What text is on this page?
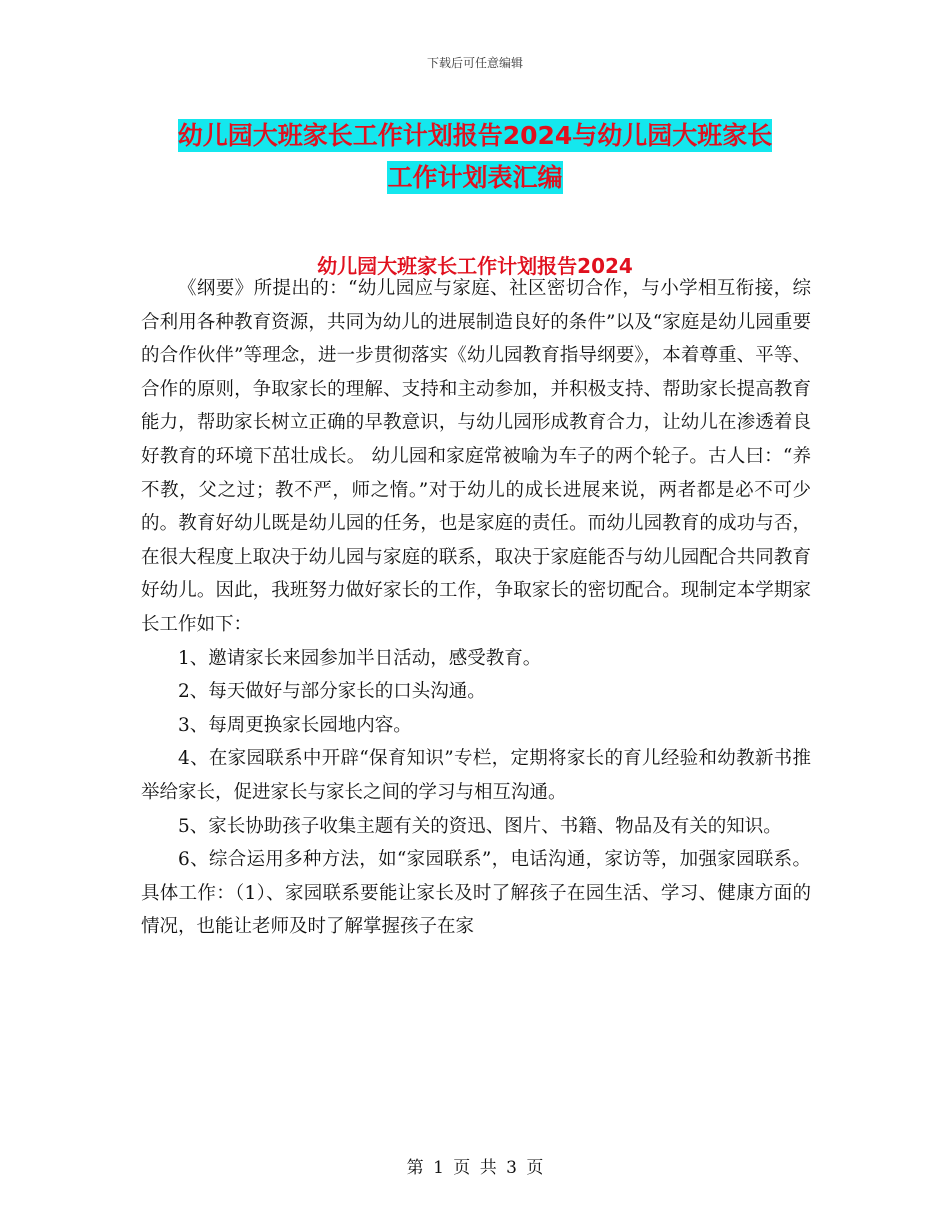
下载后可任意编辑
幼儿园大班家长工作计划报告2024与幼儿园大班家长
工作计划表汇编
幼儿园大班家长工作计划报告2024

《纲要》所提出的：“幼儿园应与家庭、社区密切合作，与小学相互衔接，综合利用各种教育资源，共同为幼儿的进展制造良好的条件”以及“家庭是幼儿园重要的合作伙伴”等理念，进一步贯彻落实《幼儿园教育指导纲要》，本着尊重、平等、合作的原则，争取家长的理解、支持和主动参加，并积极支持、帮助家长提高教育能力，帮助家长树立正确的早教意识，与幼儿园形成教育合力，让幼儿在渗透着良好教育的环境下茁壮成长。 幼儿园和家庭常被喻为车子的两个轮子。古人曰：“养不教，父之过；教不严，师之惰。”对于幼儿的成长进展来说，两者都是必不可少的。教育好幼儿既是幼儿园的任务，也是家庭的责任。而幼儿园教育的成功与否，在很大程度上取决于幼儿园与家庭的联系，取决于家庭能否与幼儿园配合共同教育好幼儿。因此，我班努力做好家长的工作，争取家长的密切配合。现制定本学期家长工作如下：

1、邀请家长来园参加半日活动，感受教育。

2、每天做好与部分家长的口头沟通。

3、每周更换家长园地内容。

4、在家园联系中开辟“保育知识”专栏，定期将家长的育儿经验和幼教新书推举给家长，促进家长与家长之间的学习与相互沟通。

5、家长协助孩子收集主题有关的资迅、图片、书籍、物品及有关的知识。

6、综合运用多种方法，如“家园联系”，电话沟通，家访等，加强家园联系。具体工作：（1）、家园联系要能让家长及时了解孩子在园生活、学习、健康方面的情况，也能让老师及时了解掌握孩子在家

第 1 页 共 3 页
